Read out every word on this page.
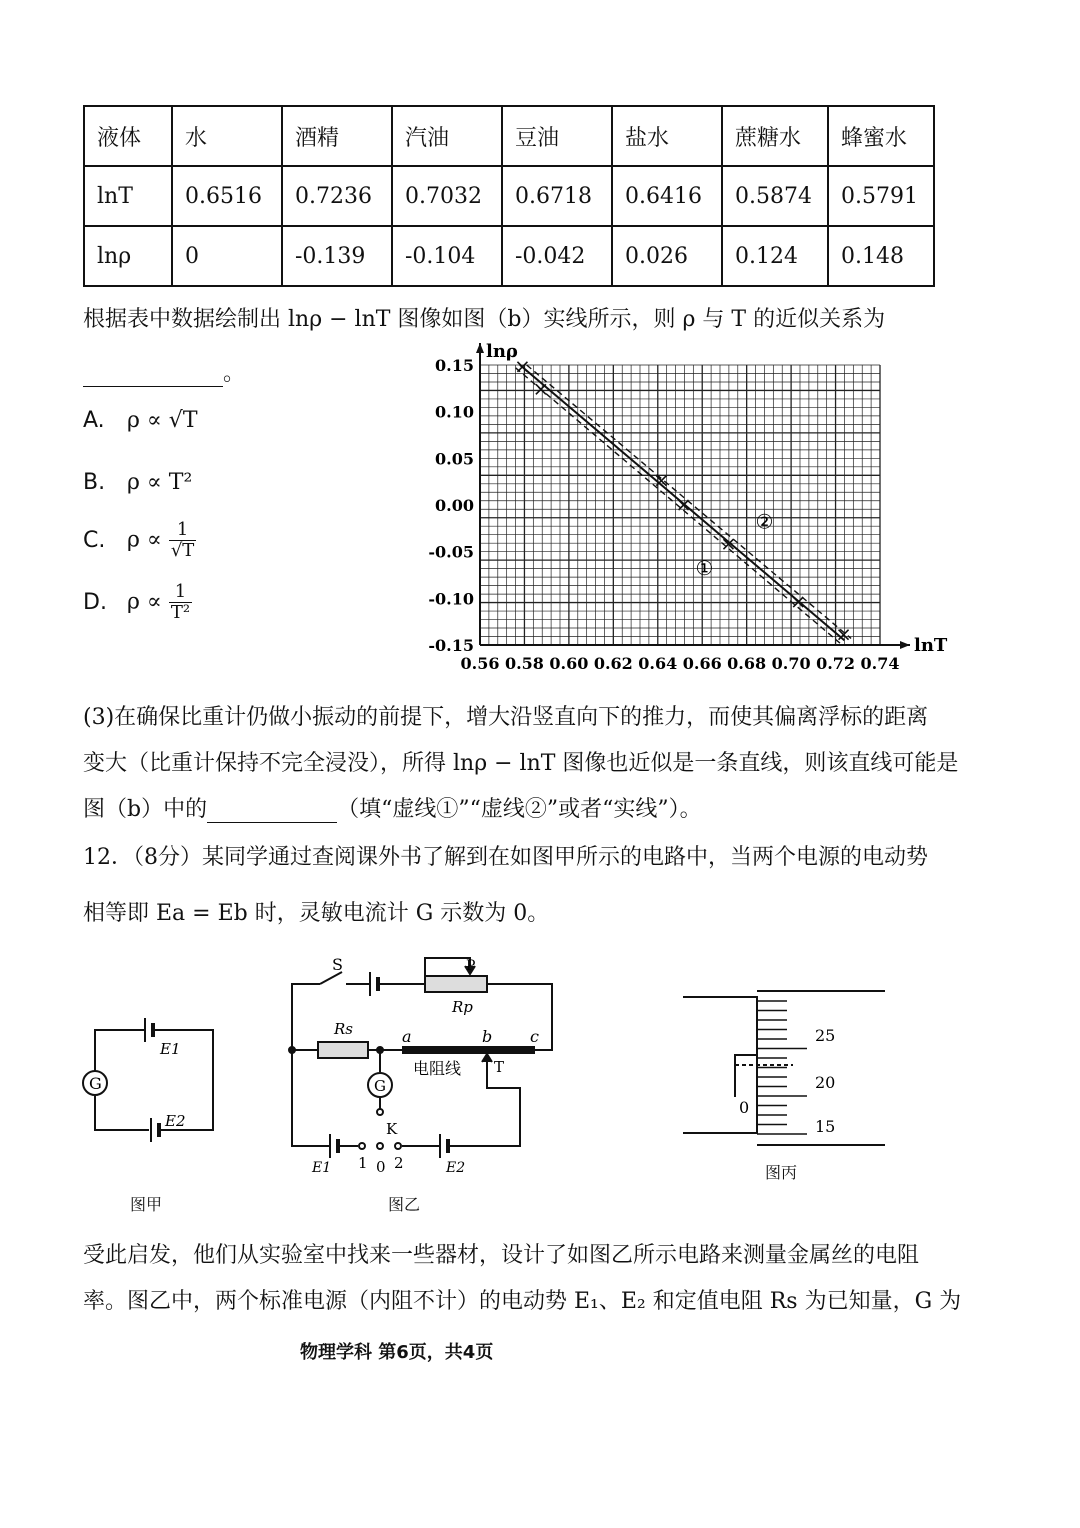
液体	水	酒精	汽油	豆油	盐水	蔗糖水	蜂蜜水
lnT	0.6516	0.7236	0.7032	0.6718	0.6416	0.5874	0.5791
lnρ	0	-0.139	-0.104	-0.042	0.026	0.124	0.148
根据表中数据绘制出 lnρ − lnT 图像如图（b）实线所示，则 ρ 与 T 的近似关系为
。
A. ρ ∝ √T
B. ρ ∝ T²
C. $\rho \propto \frac{1}{√T}$
D. $\rho \propto \frac{1}{\text{T²}}$
0.56 0.58 0.60 0.62 0.64 0.66 0.68 0.70 0.72 0.74
0.15
0.10
0.05
0.00
-0.05
-0.10
-0.15
①
②
lnρ
lnT
(3)在确保比重计仍做小振动的前提下，增大沿竖直向下的推力，而使其偏离浮标的距离
变大（比重计保持不完全浸没），所得 lnρ − lnT 图像也近似是一条直线，则该直线可能是
图（b）中的	（填“虚线①”“虚线②”或者“实线”）。
12．（8分）某同学通过查阅课外书了解到在如图甲所示的电路中，当两个电源的电动势
相等即 Ea = Eb 时，灵敏电流计 G 示数为 0。
G
E1
E2
图甲
S	P
Rp
Rs	a	b c
电阻线 T
G
K
1 0 2
E1	E2
图乙
25
20
15
0
图丙
受此启发，他们从实验室中找来一些器材，设计了如图乙所示电路来测量金属丝的电阻
率。图乙中，两个标准电源（内阻不计）的电动势 E₁、E₂ 和定值电阻 Rs 为已知量，G 为
物理学科 第6页，共4页
